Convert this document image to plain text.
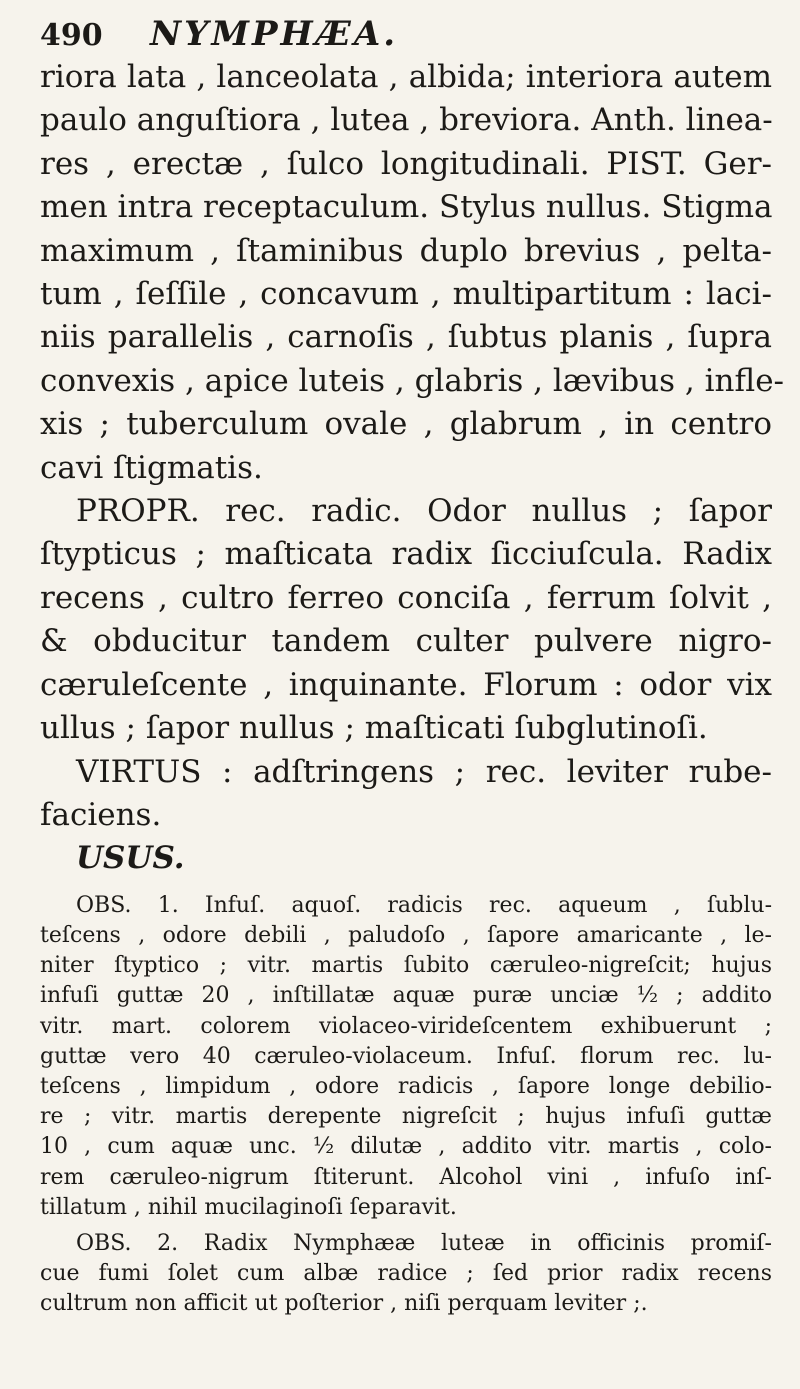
490	NYMPHÆA.

riora lata , lanceolata , albida; interiora autem
paulo anguſtiora , lutea , breviora. Anth. linea-
res , erectæ , ſulco longitudinali. PIST. Ger-
men intra receptaculum. Stylus nullus. Stigma
maximum , ſtaminibus duplo brevius , pelta-
tum , ſeſſile , concavum , multipartitum : laci-
niis parallelis , carnoſis , ſubtus planis , ſupra
convexis , apice luteis , glabris , lævibus , infle-
xis ; tuberculum ovale , glabrum , in centro
cavi ſtigmatis.

PROPR. rec. radic. Odor nullus ; ſapor
ſtypticus ; maſticata radix ſicciuſcula. Radix
recens , cultro ferreo conciſa , ferrum ſolvit ,
& obducitur tandem culter pulvere nigro-
cæruleſcente , inquinante. Florum : odor vix
ullus ; ſapor nullus ; maſticati ſubglutinoſi.

VIRTUS : adſtringens ; rec. leviter rube-
faciens.

USUS.

OBS. 1. Infuſ. aquoſ. radicis rec. aqueum , ſublu-
teſcens , odore debili , paludoſo , ſapore amaricante , le-
niter ſtyptico ; vitr. martis ſubito cæruleo-nigreſcit; hujus
infuſi guttæ 20 , inſtillatæ aquæ puræ unciæ ½ ; addito
vitr. mart. colorem violaceo-virideſcentem exhibuerunt ;
guttæ vero 40 cæruleo-violaceum. Infuſ. florum rec. lu-
teſcens , limpidum , odore radicis , ſapore longe debilio-
re ; vitr. martis derepente nigreſcit ; hujus infuſi guttæ
10 , cum aquæ unc. ½ dilutæ , addito vitr. martis , colo-
rem cæruleo-nigrum ſtiterunt. Alcohol vini , infuſo inſ-
tillatum , nihil mucilaginoſi ſeparavit.

OBS. 2. Radix Nymphææ luteæ in officinis promiſ-
cue fumi ſolet cum albæ radice ; ſed prior radix recens
cultrum non afficit ut poſterior , niſi perquam leviter ;.
